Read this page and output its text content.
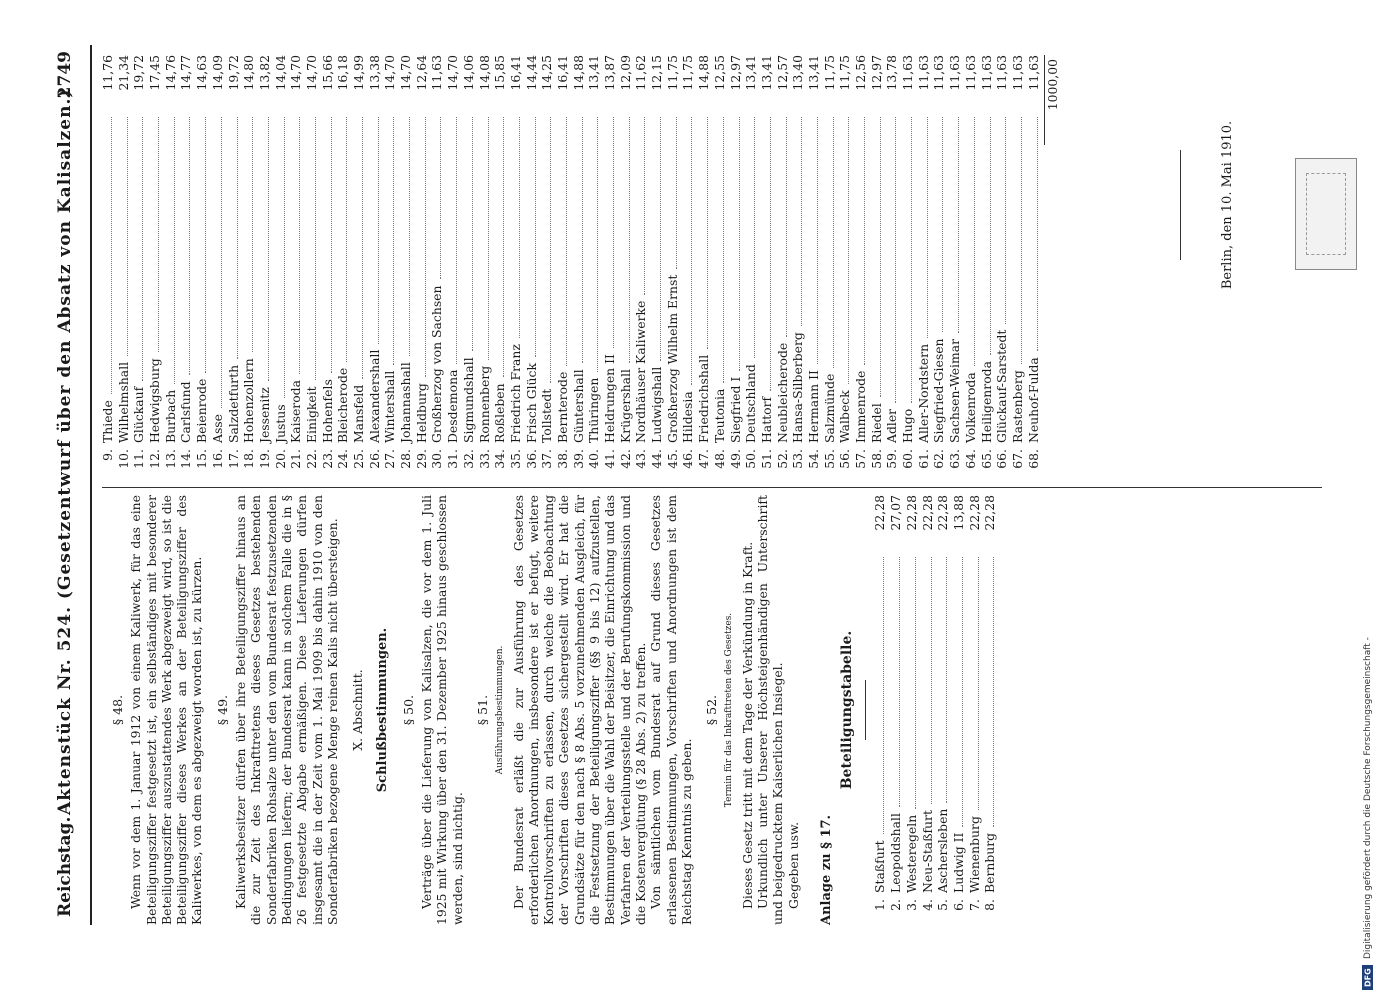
Reichstag.
Aktenstück Nr. 524. (Gesetzentwurf über den Absatz von Kalisalzen.)
2749
§ 48. Wenn vor dem 1. Januar 1912 von einem Kaliwerk, für das eine Beteiligungsziffer festgesetzt ist, ein selbständiges mit besonderer Beteiligungsziffer auszustattendes Werk abgezweigt wird, so ist die Beteiligungsziffer dieses Werkes an der Beteiligungsziffer des Kaliwerkes, von dem es abgezweigt worden ist, zu kürzen. § 49. Kaliwerksbesitzer dürfen über ihre Beteiligungsziffer hinaus an die zur Zeit des Inkrafttretens dieses Gesetzes bestehenden Sonderfabriken Rohsalze unter den vom Bundesrat festzusetzenden Bedingungen liefern; der Bundesrat kann in solchem Falle die in § 26 festgesetzte Abgabe ermäßigen. Diese Lieferungen dürfen insgesamt die in der Zeit vom 1. Mai 1909 bis dahin 1910 von den Sonderfabriken bezogene Menge reinen Kalis nicht übersteigen. X. Abschnitt. Schlußbestimmungen. § 50. Verträge über die Lieferung von Kalisalzen, die vor dem 1. Juli 1925 mit Wirkung über den 31. Dezember 1925 hinaus geschlossen werden, sind nichtig.

§ 51. Ausführungsbestimmungen. Der Bundesrat erläßt die zur Ausführung des Gesetzes erforderlichen Anordnungen, insbesondere ist er befugt, weitere Kontrollvorschriften zu erlassen, durch welche die Beobachtung der Vorschriften dieses Gesetzes sichergestellt wird. Er hat die Grundsätze für den nach § 8 Abs. 5 vorzunehmenden Ausgleich, für die Festsetzung der Beteiligungsziffer (§§ 9 bis 12) aufzustellen, Bestimmungen über die Wahl der Beisitzer, die Einrichtung und das Verfahren der Verteilungsstelle und der Berufungskommission und die Kostenvergütung (§ 28 Abs. 2) zu treffen. Von sämtlichen vom Bundesrat auf Grund dieses Gesetzes erlassenen Bestimmungen, Vorschriften und Anordnungen ist dem Reichstag Kenntnis zu geben.

§ 52. Termin für das Inkrafttreten des Gesetzes. Dieses Gesetz tritt mit dem Tage der Verkündung in Kraft. Urkundlich unter Unserer Höchsteigenhändigen Unterschrift und beigedrucktem Kaiserlichen Insiegel. Gegeben usw. Anlage zu § 17.
Beteiligungstabelle.
1.
Staßfurt
22,28
2.
Leopoldshall
27,07
3.
Westeregeln
22,28
4.
Neu-Staßfurt
22,28
5.
Aschersleben
22,28
6.
Ludwig II
13,88
7.
Wienenburg
22,28
8.
Bernburg
22,28
9.
Thiede
11,76
10.
Wilhelmshall
21,34
11.
Glückauf
19,72
12.
Hedwigsburg
17,45
13.
Burbach
14,76
14.
Carlsfund
14,77
15.
Beienrode
14,63
16.
Asse
14,09
17.
Salzdetfurth
19,72
18.
Hohenzollern
14,80
19.
Jessenitz
13,82
20.
Justus
14,04
21.
Kaiseroda
14,70
22.
Einigkeit
14,70
23.
Hohenfels
15,66
24.
Bleicherode
16,18
25.
Mansfeld
14,99
26.
Alexandershall
13,38
27.
Wintershall
14,70
28.
Johannashall
14,70
29.
Heldburg
12,64
30.
Großherzog von Sachsen
11,63
31.
Desdemona
14,70
32.
Sigmundshall
14,06
33.
Ronnenberg
14,08
34.
Roßleben
15,85
35.
Friedrich Franz
16,41
36.
Frisch Glück
14,44
37.
Tollstedt
14,25
38.
Bernterode
16,41
39.
Güntershall
14,88
40.
Thüringen
13,41
41.
Heldrungen II
13,87
42.
Krügershall
12,09
43.
Nordhäuser Kaliwerke
11,62
44.
Ludwigshall
12,15
45.
Großherzog Wilhelm Ernst
11,75
46.
Hildesia
11,75
47.
Friedrichshall
14,88
48.
Teutonia
12,55
49.
Siegfried I
12,97
50.
Deutschland
13,41
51.
Hattorf
13,41
52.
Neubleicherode
12,57
53.
Hansa-Silberberg
13,40
54.
Hermann II
13,41
55.
Salzmünde
11,75
56.
Walbeck
11,75
57.
Immenrode
12,56
58.
Riedel
12,97
59.
Adler
13,78
60.
Hugo
11,63
61.
Aller-Nordstern
11,63
62.
Siegfried-Giesen
11,63
63.
Sachsen-Weimar
11,63
64.
Volkenroda
11,63
65.
Heiligenroda
11,63
66.
Glückauf-Sarstedt
11,63
67.
Rastenberg
11,63
68.
Neuhof-Fulda
11,63 1000,00
Berlin, den 10. Mai 1910.
DFG
Digitalisierung gefördert durch die Deutsche Forschungsgemeinschaft -
